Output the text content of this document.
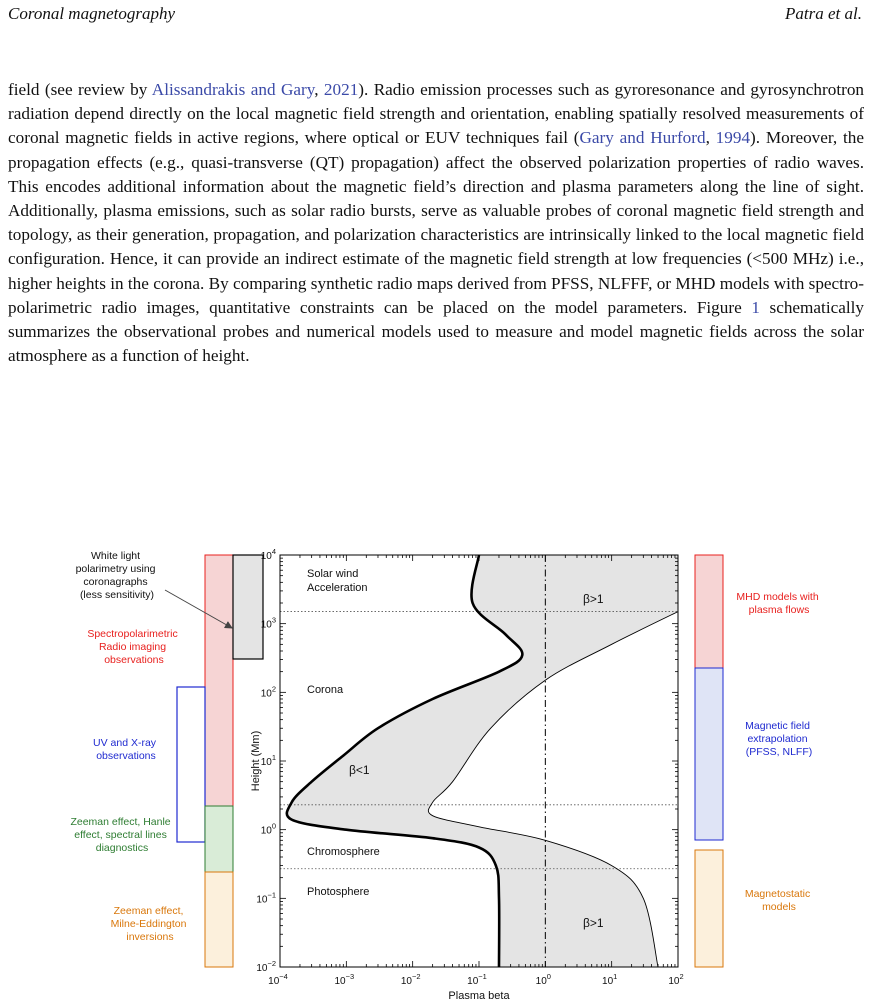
Coronal magnetography	Patra et al.
field (see review by Alissandrakis and Gary, 2021). Radio emission processes such as gyroresonance and gyrosynchrotron radiation depend directly on the local magnetic field strength and orientation, enabling spatially resolved measurements of coronal magnetic fields in active regions, where optical or EUV techniques fail (Gary and Hurford, 1994). Moreover, the propagation effects (e.g., quasi-transverse (QT) propagation) affect the observed polarization properties of radio waves. This encodes additional information about the magnetic field’s direction and plasma parameters along the line of sight. Additionally, plasma emissions, such as solar radio bursts, serve as valuable probes of coronal magnetic field strength and topology, as their generation, propagation, and polarization characteristics are intrinsically linked to the local magnetic field configuration. Hence, it can provide an indirect estimate of the magnetic field strength at low frequencies (<500 MHz) i.e., higher heights in the corona. By comparing synthetic radio maps derived from PFSS, NLFFF, or MHD models with spectro-polarimetric radio images, quantitative constraints can be placed on the model parameters. Figure 1 schematically summarizes the observational probes and numerical models used to measure and model magnetic fields across the solar atmosphere as a function of height.
White light polarimetry using coronagraphs (less sensitivity)
Spectropolarimetric Radio imaging observations
UV and X-ray observations
Zeeman effect, Hanle effect, spectral lines diagnostics
Zeeman effect, Milne-Eddington inversions
$10^{-4}$	$10^{-3}$	$10^{-2}$	$10^{-1}$	$10^0$	$10^1$	$10^2$
$10^{-2}$
$10^{-1}$
$10^0$
$10^1$
$10^2$
$10^3$
$10^4$
Plasma beta
Height (Mm)
Solar wind Acceleration
Corona
Chromosphere
Photosphere
β>1
β<1
β>1
MHD models with plasma flows
Magnetic field extrapolation (PFSS, NLFF)
Magnetostatic models
